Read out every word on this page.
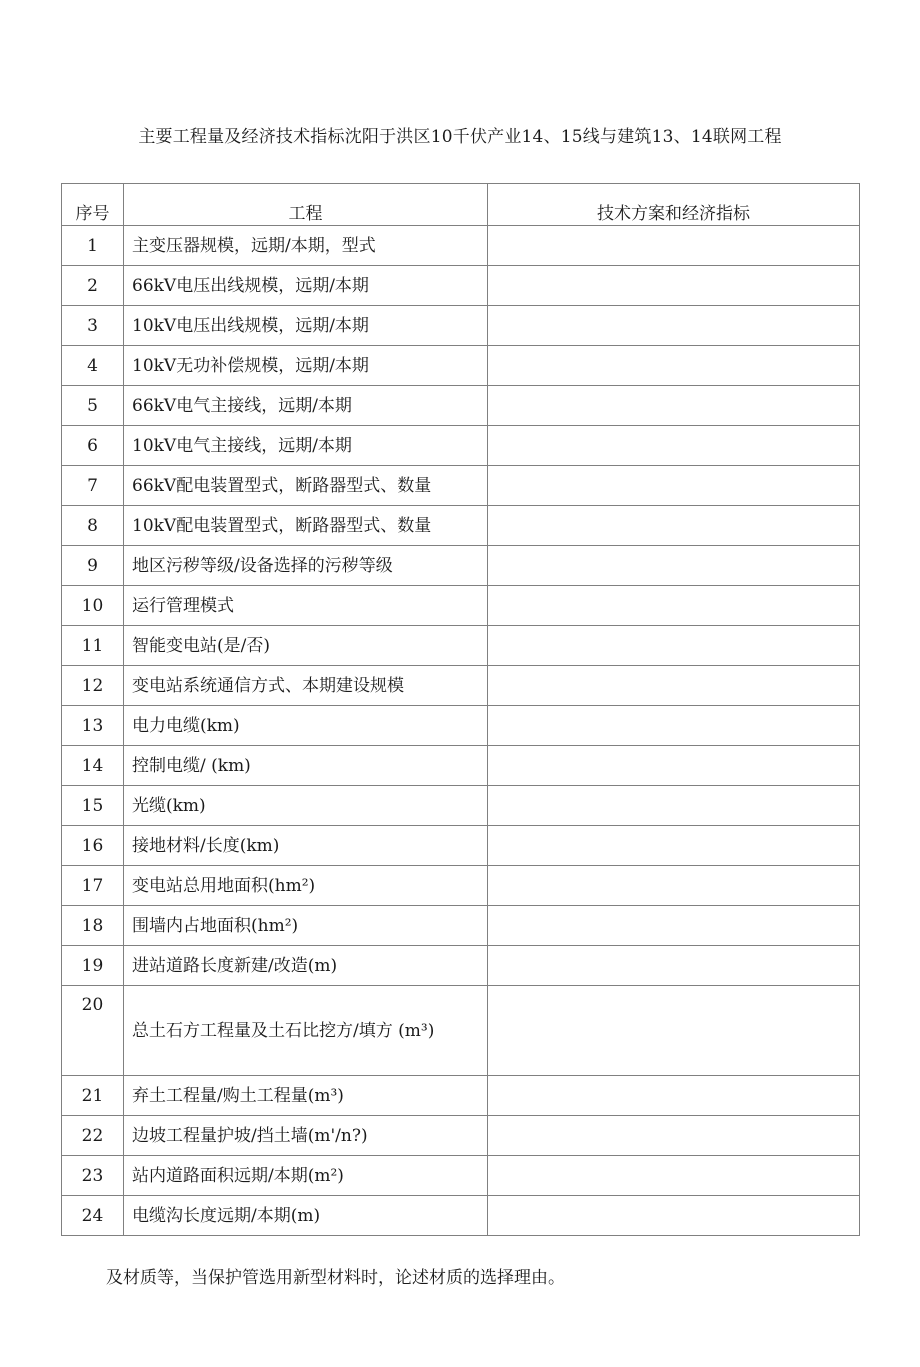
主要工程量及经济技术指标沈阳于洪区10千伏产业14、15线与建筑13、14联网工程
序号	工程	技术方案和经济指标
1	主变压器规模，远期/本期，型式	
2	66kV电压出线规模，远期/本期	
3	10kV电压出线规模，远期/本期	
4	10kV无功补偿规模，远期/本期	
5	66kV电气主接线，远期/本期	
6	10kV电气主接线，远期/本期	
7	66kV配电装置型式，断路器型式、数量	
8	10kV配电装置型式，断路器型式、数量	
9	地区污秽等级/设备选择的污秽等级	
10	运行管理模式	
11	智能变电站(是/否)	
12	变电站系统通信方式、本期建设规模	
13	电力电缆(km)	
14	控制电缆/ (km)	
15	光缆(km)	
16	接地材料/长度(km)	
17	变电站总用地面积(hm²)	
18	围墙内占地面积(hm²)	
19	进站道路长度新建/改造(m)	
20	总土石方工程量及土石比挖方/填方 (m³)	
21	弃土工程量/购土工程量(m³)	
22	边坡工程量护坡/挡土墙(m'/n?)	
23	站内道路面积远期/本期(m²)	
24	电缆沟长度远期/本期(m)	
及材质等，当保护管选用新型材料时，论述材质的选择理由。
